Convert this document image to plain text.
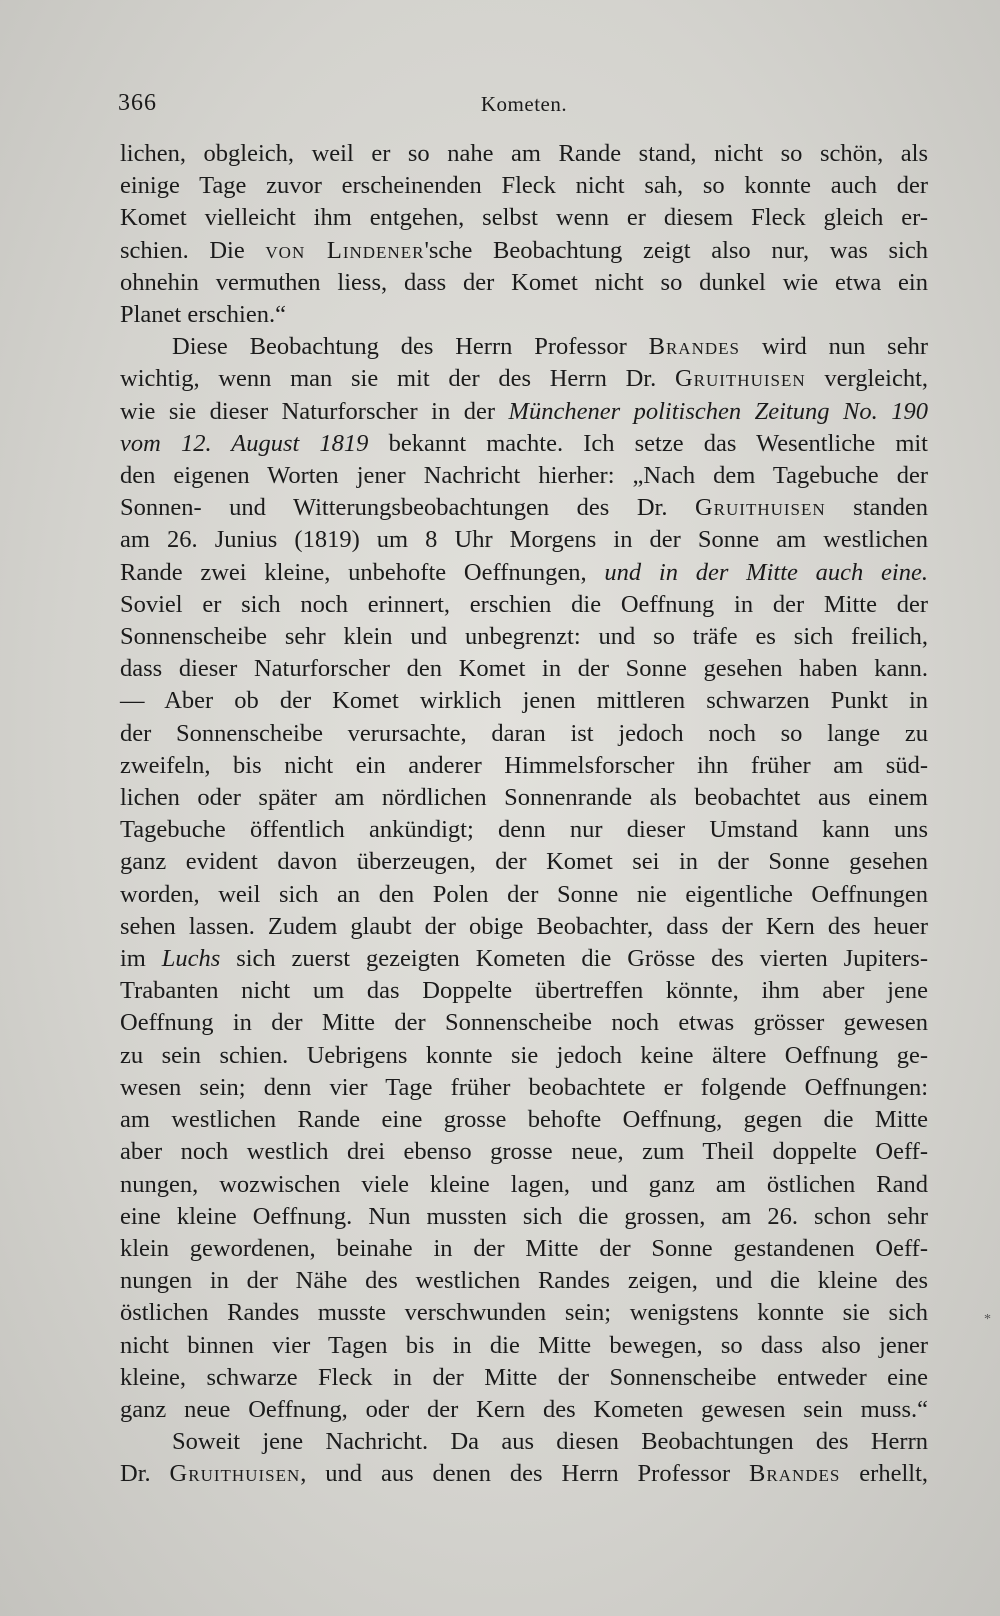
366	Kometen.

lichen, obgleich, weil er so nahe am Rande stand, nicht so schön, als

einige Tage zuvor erscheinenden Fleck nicht sah, so konnte auch der

Komet vielleicht ihm entgehen, selbst wenn er diesem Fleck gleich er-

schien. Die von Lindener'sche Beobachtung zeigt also nur, was sich

ohnehin vermuthen liess, dass der Komet nicht so dunkel wie etwa ein

Planet erschien.“

Diese Beobachtung des Herrn Professor Brandes wird nun sehr

wichtig, wenn man sie mit der des Herrn Dr. Gruithuisen vergleicht,

wie sie dieser Naturforscher in der Münchener politischen Zeitung No. 190

vom 12. August 1819 bekannt machte. Ich setze das Wesentliche mit

den eigenen Worten jener Nachricht hierher: „Nach dem Tagebuche der

Sonnen- und Witterungsbeobachtungen des Dr. Gruithuisen standen

am 26. Junius (1819) um 8 Uhr Morgens in der Sonne am westlichen

Rande zwei kleine, unbehofte Oeffnungen, und in der Mitte auch eine.

Soviel er sich noch erinnert, erschien die Oeffnung in der Mitte der

Sonnenscheibe sehr klein und unbegrenzt: und so träfe es sich freilich,

dass dieser Naturforscher den Komet in der Sonne gesehen haben kann.

— Aber ob der Komet wirklich jenen mittleren schwarzen Punkt in

der Sonnenscheibe verursachte, daran ist jedoch noch so lange zu

zweifeln, bis nicht ein anderer Himmelsforscher ihn früher am süd-

lichen oder später am nördlichen Sonnenrande als beobachtet aus einem

Tagebuche öffentlich ankündigt; denn nur dieser Umstand kann uns

ganz evident davon überzeugen, der Komet sei in der Sonne gesehen

worden, weil sich an den Polen der Sonne nie eigentliche Oeffnungen

sehen lassen. Zudem glaubt der obige Beobachter, dass der Kern des heuer

im Luchs sich zuerst gezeigten Kometen die Grösse des vierten Jupiters-

Trabanten nicht um das Doppelte übertreffen könnte, ihm aber jene

Oeffnung in der Mitte der Sonnenscheibe noch etwas grösser gewesen

zu sein schien. Uebrigens konnte sie jedoch keine ältere Oeffnung ge-

wesen sein; denn vier Tage früher beobachtete er folgende Oeffnungen:

am westlichen Rande eine grosse behofte Oeffnung, gegen die Mitte

aber noch westlich drei ebenso grosse neue, zum Theil doppelte Oeff-

nungen, wozwischen viele kleine lagen, und ganz am östlichen Rand

eine kleine Oeffnung. Nun mussten sich die grossen, am 26. schon sehr

klein gewordenen, beinahe in der Mitte der Sonne gestandenen Oeff-

nungen in der Nähe des westlichen Randes zeigen, und die kleine des

östlichen Randes musste verschwunden sein; wenigstens konnte sie sich

nicht binnen vier Tagen bis in die Mitte bewegen, so dass also jener

kleine, schwarze Fleck in der Mitte der Sonnenscheibe entweder eine

ganz neue Oeffnung, oder der Kern des Kometen gewesen sein muss.“

Soweit jene Nachricht. Da aus diesen Beobachtungen des Herrn

Dr. Gruithuisen, und aus denen des Herrn Professor Brandes erhellt,

*
